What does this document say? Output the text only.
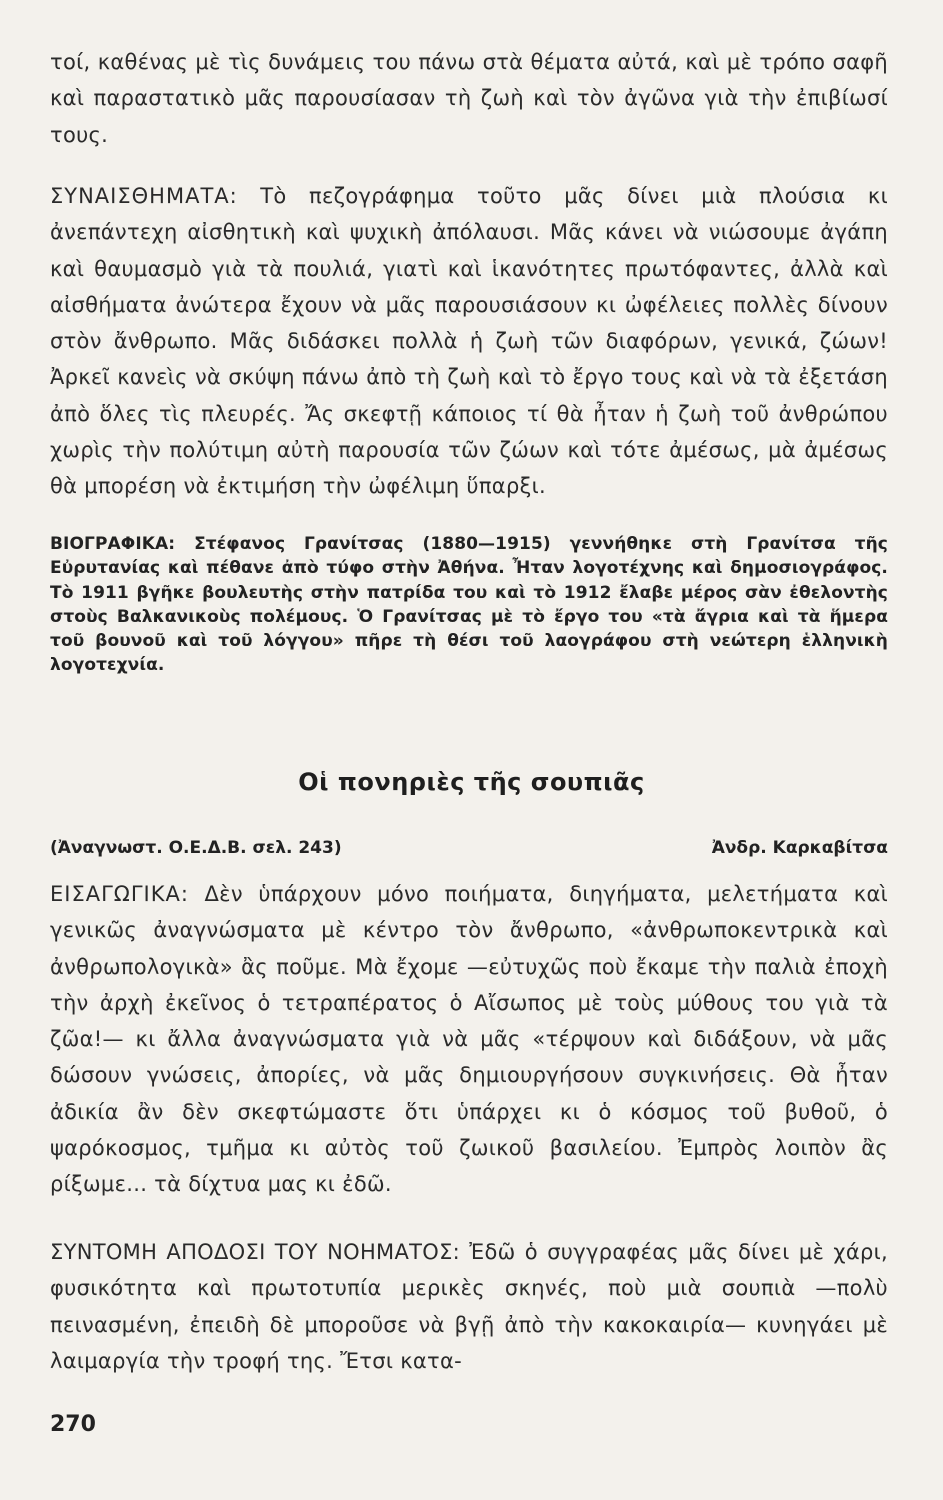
τοί, καθένας μὲ τὶς δυνάμεις του πάνω στὰ θέματα αὐτά, καὶ μὲ τρόπο σαφῆ καὶ παραστατικὸ μᾶς παρουσίασαν τὴ ζωὴ καὶ τὸν ἀγῶνα γιὰ τὴν ἐπιβίωσί τους.

ΣΥΝΑΙΣΘΗΜΑΤΑ: Τὸ πεζογράφημα τοῦτο μᾶς δίνει μιὰ πλούσια κι ἀνεπάντεχη αἰσθητικὴ καὶ ψυχικὴ ἀπόλαυσι. Μᾶς κάνει νὰ νιώσουμε ἀγάπη καὶ θαυμασμὸ γιὰ τὰ πουλιά, γιατὶ καὶ ἱκανότητες πρωτόφαντες, ἀλλὰ καὶ αἰσθήματα ἀνώτερα ἔχουν νὰ μᾶς παρουσιάσουν κι ὠφέλειες πολλὲς δίνουν στὸν ἄνθρωπο. Μᾶς διδάσκει πολλὰ ἡ ζωὴ τῶν διαφόρων, γενικά, ζώων! Ἀρκεῖ κανεὶς νὰ σκύψη πάνω ἀπὸ τὴ ζωὴ καὶ τὸ ἔργο τους καὶ νὰ τὰ ἐξετάση ἀπὸ ὅλες τὶς πλευρές. Ἄς σκεφτῇ κάποιος τί θὰ ἦταν ἡ ζωὴ τοῦ ἀνθρώπου χωρὶς τὴν πολύτιμη αὐτὴ παρουσία τῶν ζώων καὶ τότε ἀμέσως, μὰ ἀμέσως θὰ μπορέση νὰ ἐκτιμήση τὴν ὠφέλιμη ὕπαρξι.

ΒΙΟΓΡΑΦΙΚΑ: Στέφανος Γρανίτσας (1880—1915) γεννήθηκε στὴ Γρανίτσα τῆς Εὐρυτανίας καὶ πέθανε ἀπὸ τύφο στὴν Ἀθήνα. Ἦταν λογοτέχνης καὶ δημοσιογράφος. Τὸ 1911 βγῆκε βουλευτὴς στὴν πατρίδα του καὶ τὸ 1912 ἔλαβε μέρος σὰν ἐθελοντὴς στοὺς Βαλκανικοὺς πολέμους. Ὁ Γρανίτσας μὲ τὸ ἔργο του «τὰ ἄγρια καὶ τὰ ἥμερα τοῦ βουνοῦ καὶ τοῦ λόγγου» πῆρε τὴ θέσι τοῦ λαογράφου στὴ νεώτερη ἑλληνικὴ λογοτεχνία.

Οἱ πονηριὲς τῆς σουπιᾶς
(Ἀναγνωστ. Ο.Ε.Δ.Β. σελ. 243)	Ἀνδρ. Καρκαβίτσα

ΕΙΣΑΓΩΓΙΚΑ: Δὲν ὑπάρχουν μόνο ποιήματα, διηγήματα, μελετήματα καὶ γενικῶς ἀναγνώσματα μὲ κέντρο τὸν ἄνθρωπο, «ἀνθρωποκεντρικὰ καὶ ἀνθρωπολογικὰ» ἂς ποῦμε. Μὰ ἔχομε —εὐτυχῶς ποὺ ἔκαμε τὴν παλιὰ ἐποχὴ τὴν ἀρχὴ ἐκεῖνος ὁ τετραπέρατος ὁ Αἴσωπος μὲ τοὺς μύθους του γιὰ τὰ ζῶα!— κι ἄλλα ἀναγνώσματα γιὰ νὰ μᾶς «τέρψουν καὶ διδάξουν, νὰ μᾶς δώσουν γνώσεις, ἀπορίες, νὰ μᾶς δημιουργήσουν συγκινήσεις. Θὰ ἦταν ἀδικία ἂν δὲν σκεφτώμαστε ὅτι ὑπάρχει κι ὁ κόσμος τοῦ βυθοῦ, ὁ ψαρόκοσμος, τμῆμα κι αὐτὸς τοῦ ζωικοῦ βασιλείου. Ἐμπρὸς λοιπὸν ἂς ρίξωμε... τὰ δίχτυα μας κι ἐδῶ.

ΣΥΝΤΟΜΗ ΑΠΟΔΟΣΙ ΤΟΥ ΝΟΗΜΑΤΟΣ: Ἐδῶ ὁ συγγραφέας μᾶς δίνει μὲ χάρι, φυσικότητα καὶ πρωτοτυπία μερικὲς σκηνές, ποὺ μιὰ σουπιὰ —πολὺ πεινασμένη, ἐπειδὴ δὲ μποροῦσε νὰ βγῇ ἀπὸ τὴν κακοκαιρία— κυνηγάει μὲ λαιμαργία τὴν τροφή της. Ἔτσι κατα-

270
